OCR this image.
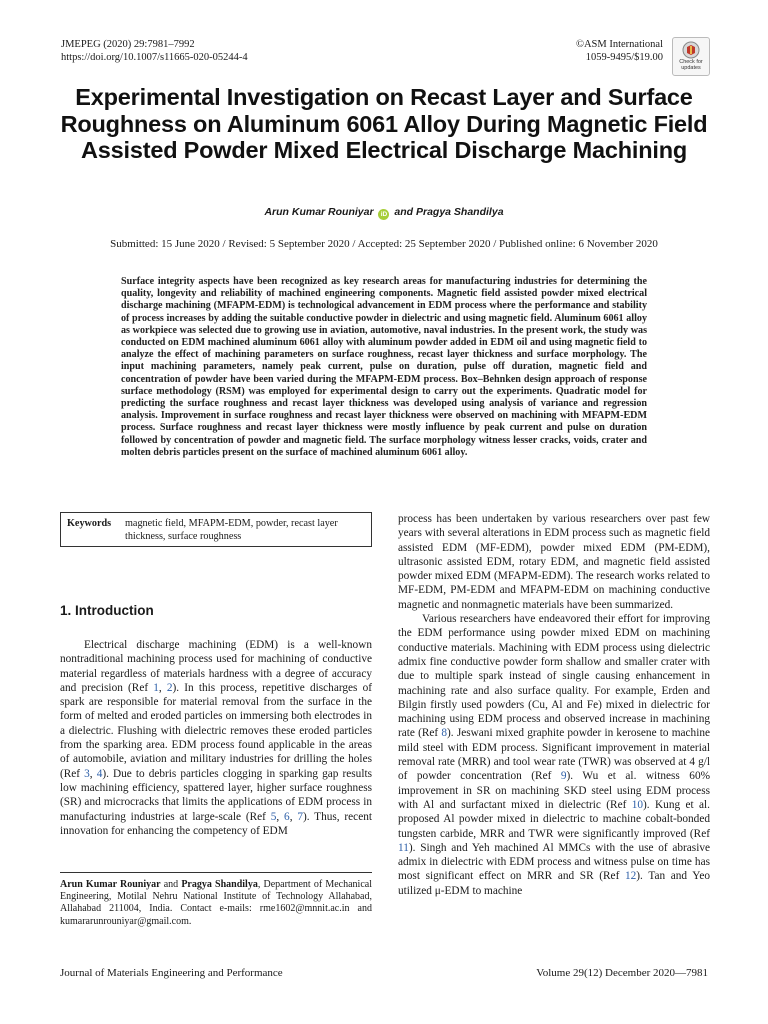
JMEPEG (2020) 29:7981–7992
https://doi.org/10.1007/s11665-020-05244-4
©ASM International
1059-9495/$19.00	Check for
updates
Experimental Investigation on Recast Layer and Surface Roughness on Aluminum 6061 Alloy During Magnetic Field Assisted Powder Mixed Electrical Discharge Machining
Arun Kumar Rouniyar iD and Pragya Shandilya
Submitted: 15 June 2020 / Revised: 5 September 2020 / Accepted: 25 September 2020 / Published online: 6 November 2020

Surface integrity aspects have been recognized as key research areas for manufacturing industries for determining the quality, longevity and reliability of machined engineering components. Magnetic field assisted powder mixed electrical discharge machining (MFAPM-EDM) is technological advancement in EDM process where the performance and stability of process increases by adding the suitable conductive powder in dielectric and using magnetic field. Aluminum 6061 alloy as workpiece was selected due to growing use in aviation, automotive, naval industries. In the present work, the study was conducted on EDM machined aluminum 6061 alloy with aluminum powder added in EDM oil and using magnetic field to analyze the effect of machining parameters on surface roughness, recast layer thickness and surface morphology. The input machining parameters, namely peak current, pulse on duration, pulse off duration, magnetic field and concentration of powder have been varied during the MFAPM-EDM process. Box–Behnken design approach of response surface methodology (RSM) was employed for experimental design to carry out the experiments. Quadratic model for predicting the surface roughness and recast layer thickness was developed using analysis of variance and regression analysis. Improvement in surface roughness and recast layer thickness were observed on machining with MFAPM-EDM process. Surface roughness and recast layer thickness were mostly influence by peak current and pulse on duration followed by concentration of powder and magnetic field. The surface morphology witness lesser cracks, voids, crater and molten debris particles present on the surface of machined aluminum 6061 alloy.

Keywords	magnetic field, MFAPM-EDM, powder, recast layer thickness, surface roughness
1. Introduction

Electrical discharge machining (EDM) is a well-known nontraditional machining process used for machining of conductive material regardless of materials hardness with a degree of accuracy and precision (Ref 1, 2). In this process, repetitive discharges of spark are responsible for material removal from the surface in the form of melted and eroded particles on immersing both electrodes in a dielectric. Flushing with dielectric removes these eroded particles from the sparking area. EDM process found applicable in the areas of automobile, aviation and military industries for drilling the holes (Ref 3, 4). Due to debris particles clogging in sparking gap results low machining efficiency, spattered layer, higher surface roughness (SR) and microcracks that limits the applications of EDM process in manufacturing industries at large-scale (Ref 5, 6, 7). Thus, recent innovation for enhancing the competency of EDM

process has been undertaken by various researchers over past few years with several alterations in EDM process such as magnetic field assisted EDM (MF-EDM), powder mixed EDM (PM-EDM), ultrasonic assisted EDM, rotary EDM, and magnetic field assisted powder mixed EDM (MFAPM-EDM). The research works related to MF-EDM, PM-EDM and MFAPM-EDM on machining conductive magnetic and nonmagnetic materials have been summarized.

Various researchers have endeavored their effort for improving the EDM performance using powder mixed EDM on machining conductive materials. Machining with EDM process using dielectric admix fine conductive powder form shallow and smaller crater with due to multiple spark instead of single causing enhancement in machining rate and also surface quality. For example, Erden and Bilgin firstly used powders (Cu, Al and Fe) mixed in dielectric for machining using EDM process and observed increase in machining rate (Ref 8). Jeswani mixed graphite powder in kerosene to machine mild steel with EDM process. Significant improvement in material removal rate (MRR) and tool wear rate (TWR) was observed at 4 g/l of powder concentration (Ref 9). Wu et al. witness 60% improvement in SR on machining SKD steel using EDM process with Al and surfactant mixed in dielectric (Ref 10). Kung et al. proposed Al powder mixed in dielectric to machine cobalt-bonded tungsten carbide, MRR and TWR were significantly improved (Ref 11). Singh and Yeh machined Al MMCs with the use of abrasive admix in dielectric with EDM process and witness pulse on time has most significant effect on MRR and SR (Ref 12). Tan and Yeo utilized μ-EDM to machine

Arun Kumar Rouniyar and Pragya Shandilya, Department of Mechanical Engineering, Motilal Nehru National Institute of Technology Allahabad, Allahabad 211004, India. Contact e-mails: rme1602@mnnit.ac.in and kumararunrouniyar@gmail.com.

Journal of Materials Engineering and Performance	Volume 29(12) December 2020—7981
